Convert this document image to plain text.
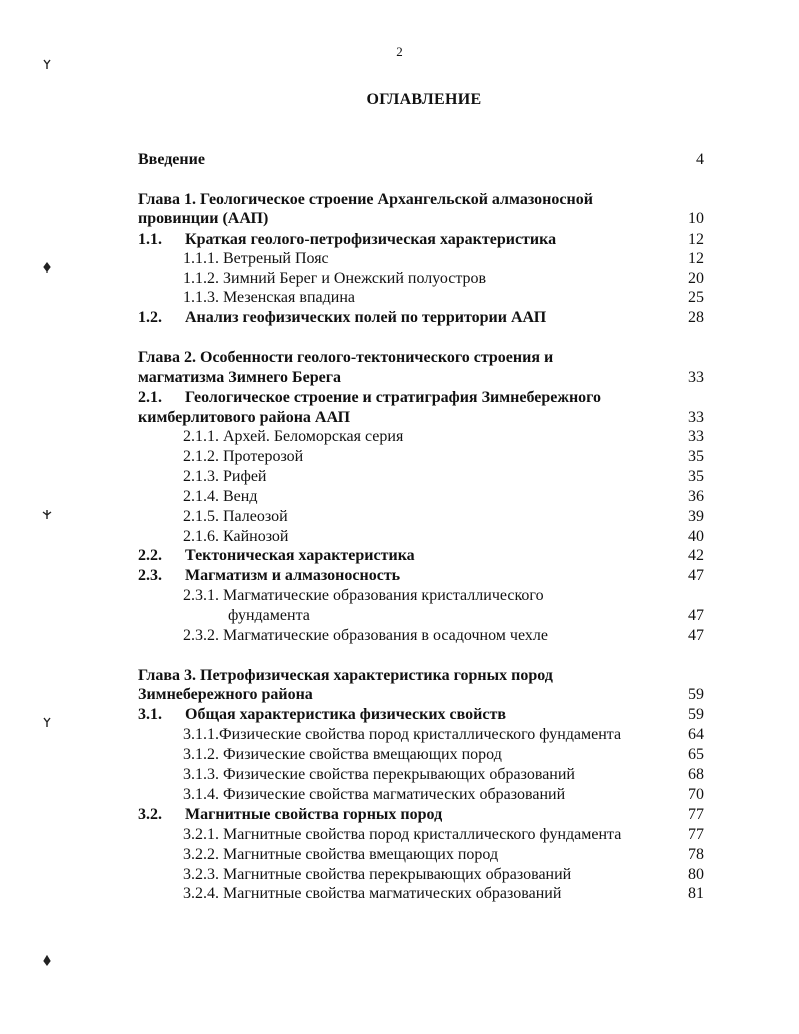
2
ОГЛАВЛЕНИЕ
Введение	4
Глава 1. Геологическое строение Архангельской алмазоносной
провинции (ААП)	10
1.1. Краткая геолого-петрофизическая характеристика	12
1.1.1. Ветреный Пояс	12
1.1.2. Зимний Берег и Онежский полуостров	20
1.1.3. Мезенская впадина	25
1.2. Анализ геофизических полей по территории ААП	28
Глава 2. Особенности геолого-тектонического строения и
магматизма Зимнего Берега	33
2.1. Геологическое строение и стратиграфия Зимнебережного
кимберлитового района ААП	33
2.1.1. Архей. Беломорская серия	33
2.1.2. Протерозой	35
2.1.3. Рифей	35
2.1.4. Венд	36
2.1.5. Палеозой	39
2.1.6. Кайнозой	40
2.2. Тектоническая характеристика	42
2.3. Магматизм и алмазоносность	47
2.3.1. Магматические образования кристаллического
фундамента	47
2.3.2. Магматические образования в осадочном чехле	47
Глава 3. Петрофизическая характеристика горных пород
Зимнебережного района	59
3.1. Общая характеристика физических свойств	59
3.1.1.Физические свойства пород кристаллического фундамента	64
3.1.2. Физические свойства вмещающих пород	65
3.1.3. Физические свойства перекрывающих образований	68
3.1.4. Физические свойства магматических образований	70
3.2. Магнитные свойства горных пород	77
3.2.1. Магнитные свойства пород кристаллического фундамента	77
3.2.2. Магнитные свойства вмещающих пород	78
3.2.3. Магнитные свойства перекрывающих образований	80
3.2.4. Магнитные свойства магматических образований	81
